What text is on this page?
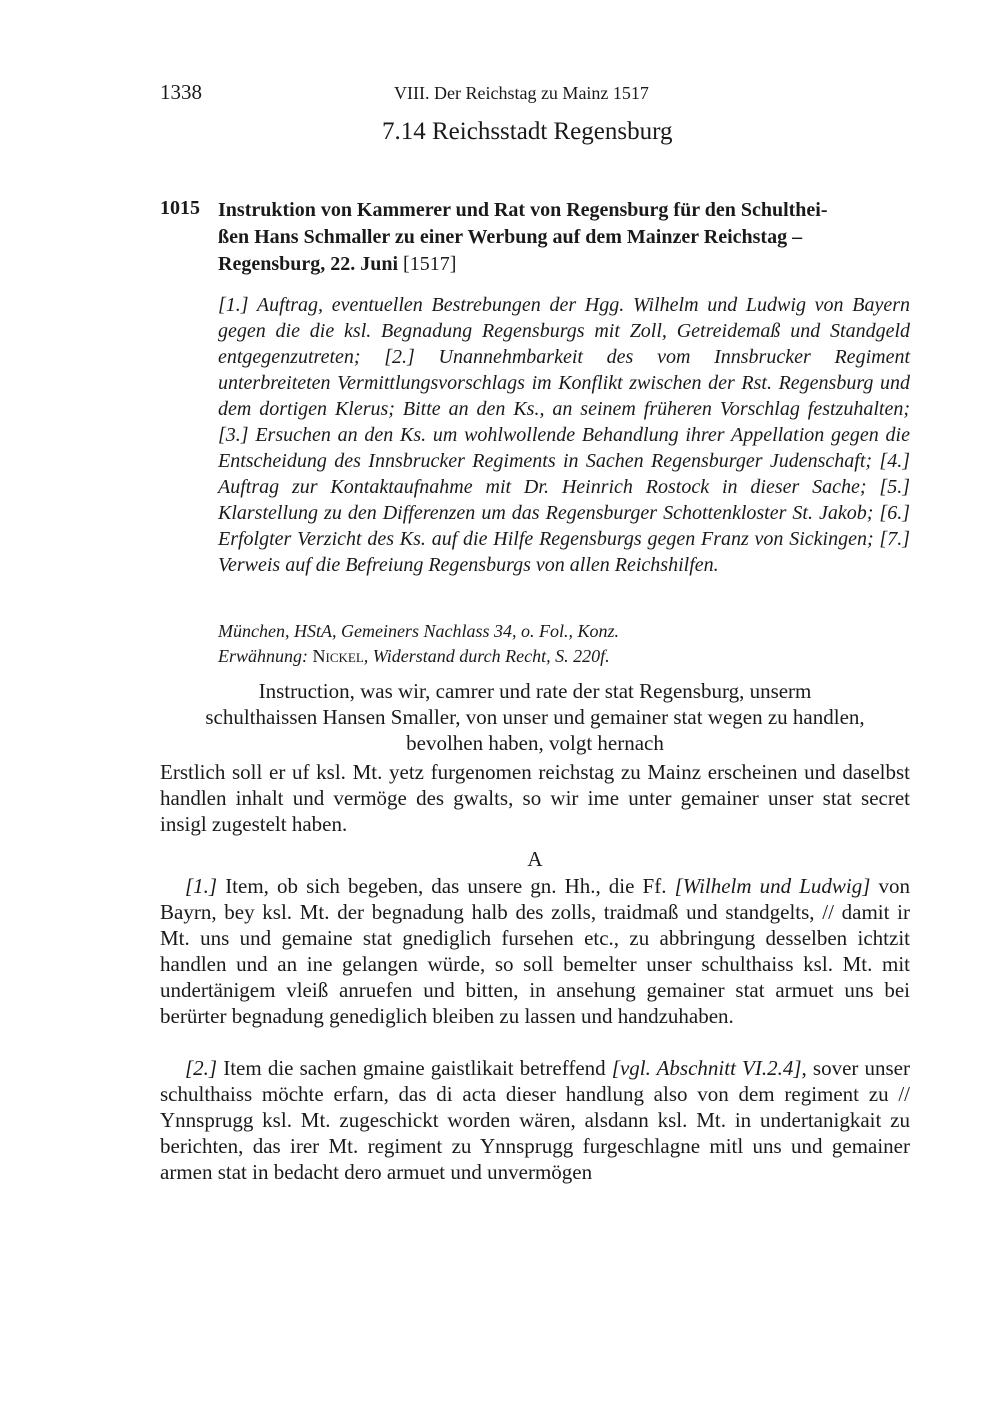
1338	VIII. Der Reichstag zu Mainz 1517
7.14 Reichsstadt Regensburg
1015 Instruktion von Kammerer und Rat von Regensburg für den Schulthei-
ßen Hans Schmaller zu einer Werbung auf dem Mainzer Reichstag –
Regensburg, 22. Juni [1517]

[1.] Auftrag, eventuellen Bestrebungen der Hgg. Wilhelm und Ludwig von Bayern gegen die die ksl. Begnadung Regensburgs mit Zoll, Getreidemaß und Standgeld entgegenzutreten; [2.] Unannehmbarkeit des vom Innsbrucker Regiment unterbreiteten Vermittlungsvorschlags im Konflikt zwischen der Rst. Regensburg und dem dortigen Klerus; Bitte an den Ks., an seinem früheren Vorschlag festzuhalten; [3.] Ersuchen an den Ks. um wohlwollende Behandlung ihrer Appellation gegen die Entscheidung des Innsbrucker Regiments in Sachen Regensburger Judenschaft; [4.] Auftrag zur Kontaktaufnahme mit Dr. Heinrich Rostock in dieser Sache; [5.] Klarstellung zu den Differenzen um das Regensburger Schottenkloster St. Jakob; [6.] Erfolgter Verzicht des Ks. auf die Hilfe Regensburgs gegen Franz von Sickingen; [7.] Verweis auf die Befreiung Regensburgs von allen Reichshilfen.

München, HStA, Gemeiners Nachlass 34, o. Fol., Konz.
Erwähnung: Nickel, Widerstand durch Recht, S. 220f.
Instruction, was wir, camrer und rate der stat Regensburg, unserm
schulthaissen Hansen Smaller, von unser und gemainer stat wegen zu handlen,
bevolhen haben, volgt hernach

Erstlich soll er uf ksl. Mt. yetz furgenomen reichstag zu Mainz erscheinen und daselbst handlen inhalt und vermöge des gwalts, so wir ime unter gemainer unser stat secret insigl zugestelt haben.

A

[1.] Item, ob sich begeben, das unsere gn. Hh., die Ff. [Wilhelm und Ludwig] von Bayrn, bey ksl. Mt. der begnadung halb des zolls, traidmaß und standgelts, // damit ir Mt. uns und gemaine stat gnediglich fursehen etc., zu abbringung desselben ichtzit handlen und an ine gelangen würde, so soll bemelter unser schulthaiss ksl. Mt. mit undertänigem vleiß anruefen und bitten, in ansehung gemainer stat armuet uns bei berürter begnadung genediglich bleiben zu lassen und handzuhaben.

[2.] Item die sachen gmaine gaistlikait betreffend [vgl. Abschnitt VI.2.4], sover unser schulthaiss möchte erfarn, das di acta dieser handlung also von dem regiment zu // Ynnsprugg ksl. Mt. zugeschickt worden wären, alsdann ksl. Mt. in undertanigkait zu berichten, das irer Mt. regiment zu Ynnsprugg furgeschlagne mitl uns und gemainer armen stat in bedacht dero armuet und unvermögen
